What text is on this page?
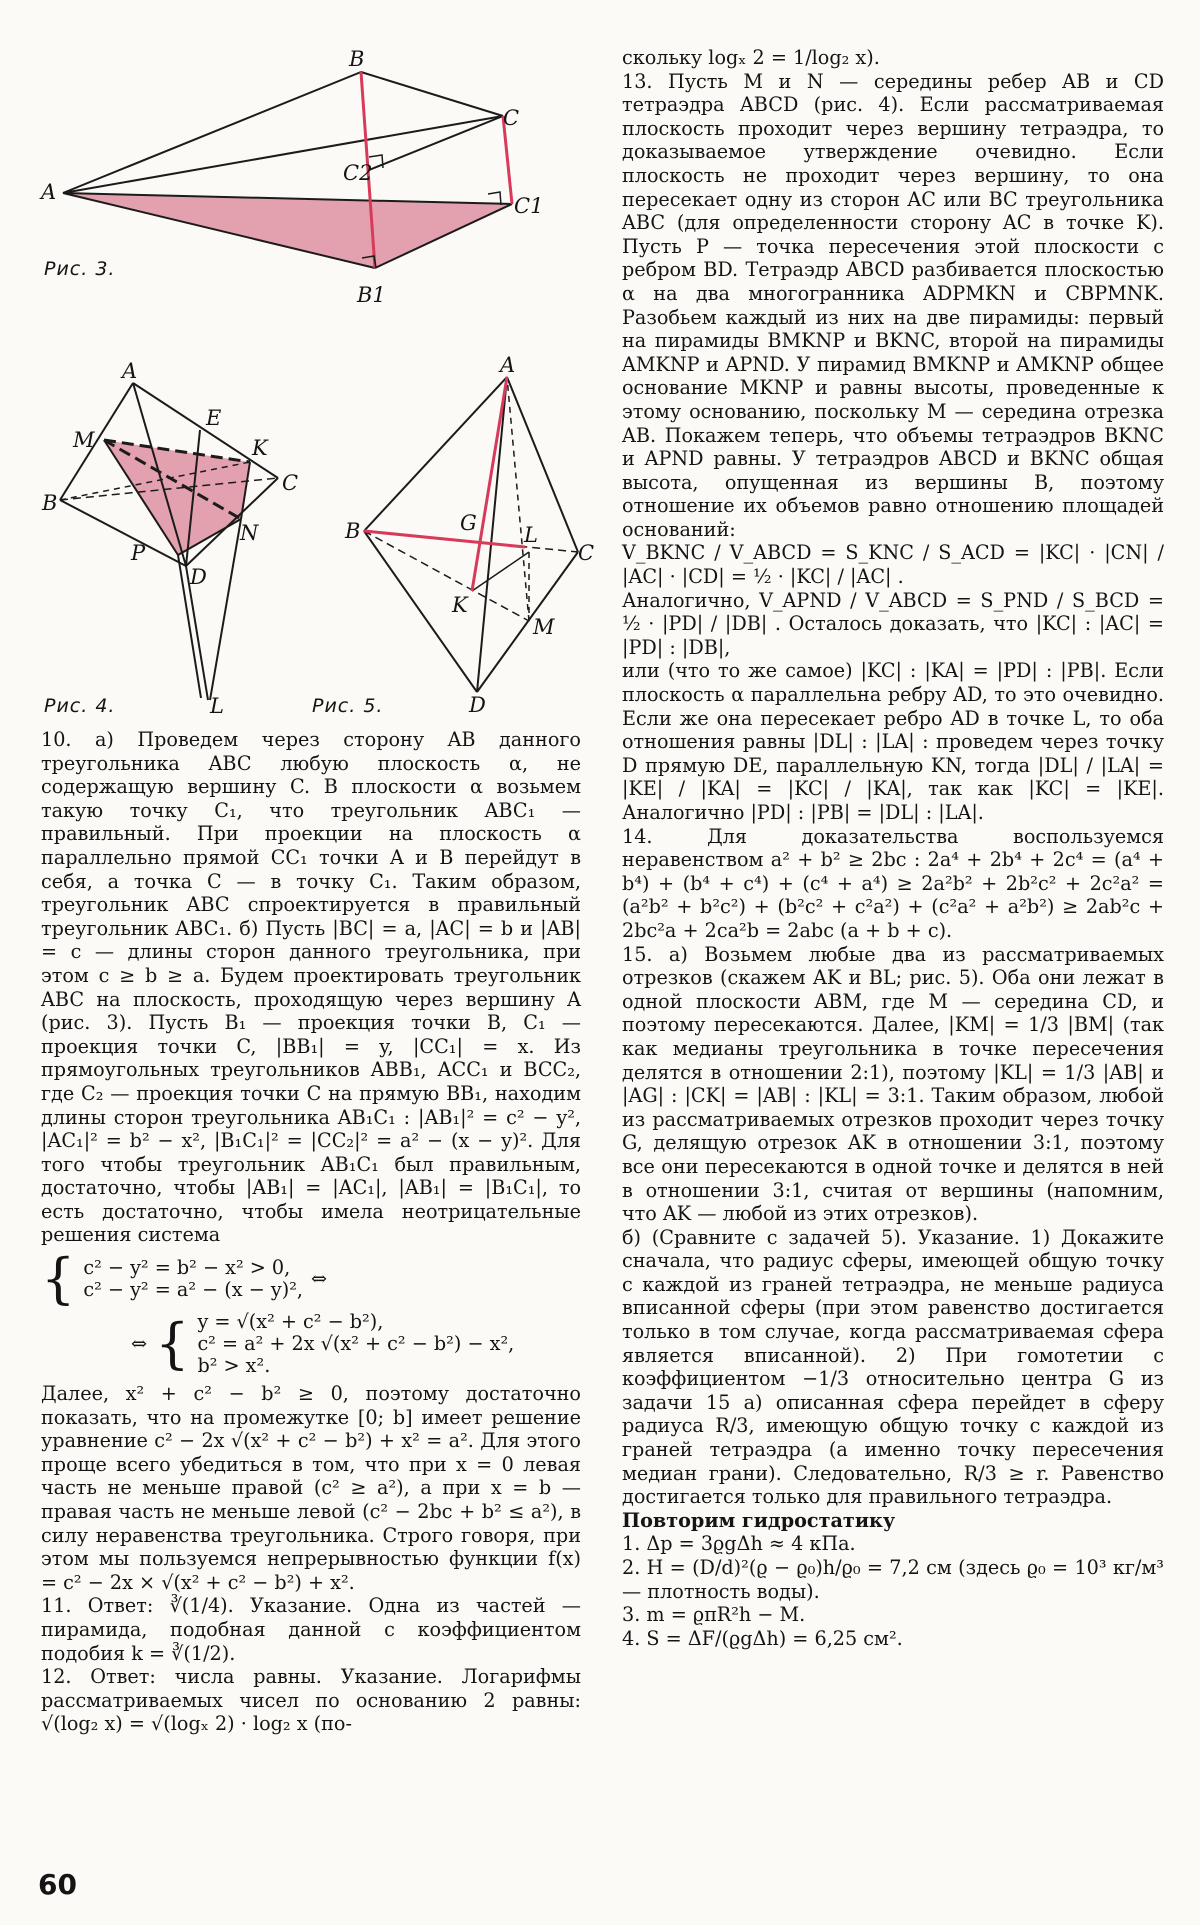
A
B
C
C2
C1
B1
Рис. 3.
A
M
E
K
C
B
N
P
D
L
Рис. 4.
A
B	G L
C
K
M
D
Рис. 5.

10. а) Проведем через сторону AB данного треугольника ABC любую плоскость α, не содержащую вершину C. В плоскости α возьмем такую точку C₁, что треугольник ABC₁ — правильный. При проекции на плоскость α параллельно прямой CC₁ точки A и B перейдут в себя, а точка C — в точку C₁. Таким образом, треугольник ABC спроектируется в правильный треугольник ABC₁. б) Пусть |BC| = a, |AC| = b и |AB| = c — длины сторон данного треугольника, при этом c ≥ b ≥ a. Будем проектировать треугольник ABC на плоскость, проходящую через вершину A (рис. 3). Пусть B₁ — проекция точки B, C₁ — проекция точки C, |BB₁| = y, |CC₁| = x. Из прямоугольных треугольников ABB₁, ACC₁ и BCC₂, где C₂ — проекция точки C на прямую BB₁, находим длины сторон треугольника AB₁C₁ : |AB₁|² = c² − y², |AC₁|² = b² − x², |B₁C₁|² = |CC₂|² = a² − (x − y)². Для того чтобы треугольник AB₁C₁ был правильным, достаточно, чтобы |AB₁| = |AC₁|, |AB₁| = |B₁C₁|, то есть достаточно, чтобы имела неотрицательные решения система

{ c² − y² = b² − x² > 0,
c² − y² = a² − (x − y)², ⇔
⇔ { y = √(x² + c² − b²),
c² = a² + 2x √(x² + c² − b²) − x²,
b² > x².

Далее, x² + c² − b² ≥ 0, поэтому достаточно показать, что на промежутке [0; b] имеет решение уравнение c² − 2x √(x² + c² − b²) + x² = a². Для этого проще всего убедиться в том, что при x = 0 левая часть не меньше правой (c² ≥ a²), а при x = b — правая часть не меньше левой (c² − 2bc + b² ≤ a²), в силу неравенства треугольника. Строго говоря, при этом мы пользуемся непрерывностью функции f(x) = c² − 2x × √(x² + c² − b²) + x².

11. Ответ: ∛(1/4). Указание. Одна из частей — пирамида, подобная данной с коэффициентом подобия k = ∛(1/2).

12. Ответ: числа равны. Указание. Логарифмы рассматриваемых чисел по основанию 2 равны: √(log₂ x) = √(logₓ 2) · log₂ x (по-

скольку logₓ 2 = 1/log₂ x).

13. Пусть M и N — середины ребер AB и CD тетраэдра ABCD (рис. 4). Если рассматриваемая плоскость проходит через вершину тетраэдра, то доказываемое утверждение очевидно. Если плоскость не проходит через вершину, то она пересекает одну из сторон AC или BC треугольника ABC (для определенности сторону AC в точке K). Пусть P — точка пересечения этой плоскости с ребром BD. Тетраэдр ABCD разбивается плоскостью α на два многогранника ADPMKN и CBPMNK. Разобьем каждый из них на две пирамиды: первый на пирамиды BMKNP и BKNC, второй на пирамиды AMKNP и APND. У пирамид BMKNP и AMKNP общее основание MKNP и равны высоты, проведенные к этому основанию, поскольку M — середина отрезка AB. Покажем теперь, что объемы тетраэдров BKNC и APND равны. У тетраэдров ABCD и BKNC общая высота, опущенная из вершины B, поэтому отношение их объемов равно отношению площадей оснований:

V_BKNC / V_ABCD = S_KNC / S_ACD = |KC| · |CN| / |AC| · |CD| = ½ · |KC| / |AC| .

Аналогично, V_APND / V_ABCD = S_PND / S_BCD = ½ · |PD| / |DB| . Осталось доказать, что |KC| : |AC| = |PD| : |DB|,

или (что то же самое) |KC| : |KA| = |PD| : |PB|. Если плоскость α параллельна ребру AD, то это очевидно. Если же она пересекает ребро AD в точке L, то оба отношения равны |DL| : |LA| : проведем через точку D прямую DE, параллельную KN, тогда |DL| / |LA| = |KE| / |KA| = |KC| / |KA|, так как |KC| = |KE|. Аналогично |PD| : |PB| = |DL| : |LA|.

14. Для доказательства воспользуемся неравенством a² + b² ≥ 2bc : 2a⁴ + 2b⁴ + 2c⁴ = (a⁴ + b⁴) + (b⁴ + c⁴) + (c⁴ + a⁴) ≥ 2a²b² + 2b²c² + 2c²a² = (a²b² + b²c²) + (b²c² + c²a²) + (c²a² + a²b²) ≥ 2ab²c + 2bc²a + 2ca²b = 2abc (a + b + c).

15. а) Возьмем любые два из рассматриваемых отрезков (скажем AK и BL; рис. 5). Оба они лежат в одной плоскости ABM, где M — середина CD, и поэтому пересекаются. Далее, |KM| = 1/3 |BM| (так как медианы треугольника в точке пересечения делятся в отношении 2:1), поэтому |KL| = 1/3 |AB| и |AG| : |CK| = |AB| : |KL| = 3:1. Таким образом, любой из рассматриваемых отрезков проходит через точку G, делящую отрезок AK в отношении 3:1, поэтому все они пересекаются в одной точке и делятся в ней в отношении 3:1, считая от вершины (напомним, что AK — любой из этих отрезков).

б) (Сравните с задачей 5). Указание. 1) Докажите сначала, что радиус сферы, имеющей общую точку с каждой из граней тетраэдра, не меньше радиуса вписанной сферы (при этом равенство достигается только в том случае, когда рассматриваемая сфера является вписанной). 2) При гомотетии с коэффициентом −1/3 относительно центра G из задачи 15 а) описанная сфера перейдет в сферу радиуса R/3, имеющую общую точку с каждой из граней тетраэдра (а именно точку пересечения медиан грани). Следовательно, R/3 ≥ r. Равенство достигается только для правильного тетраэдра.

Повторим гидростатику

1. Δp = 3ϱgΔh ≈ 4 кПа.

2. H = (D/d)²(ϱ − ϱ₀)h/ϱ₀ = 7,2 см (здесь ϱ₀ = 10³ кг/м³ — плотность воды).

3. m = ϱπR²h − M.

4. S = ΔF/(ϱgΔh) = 6,25 см².

60
